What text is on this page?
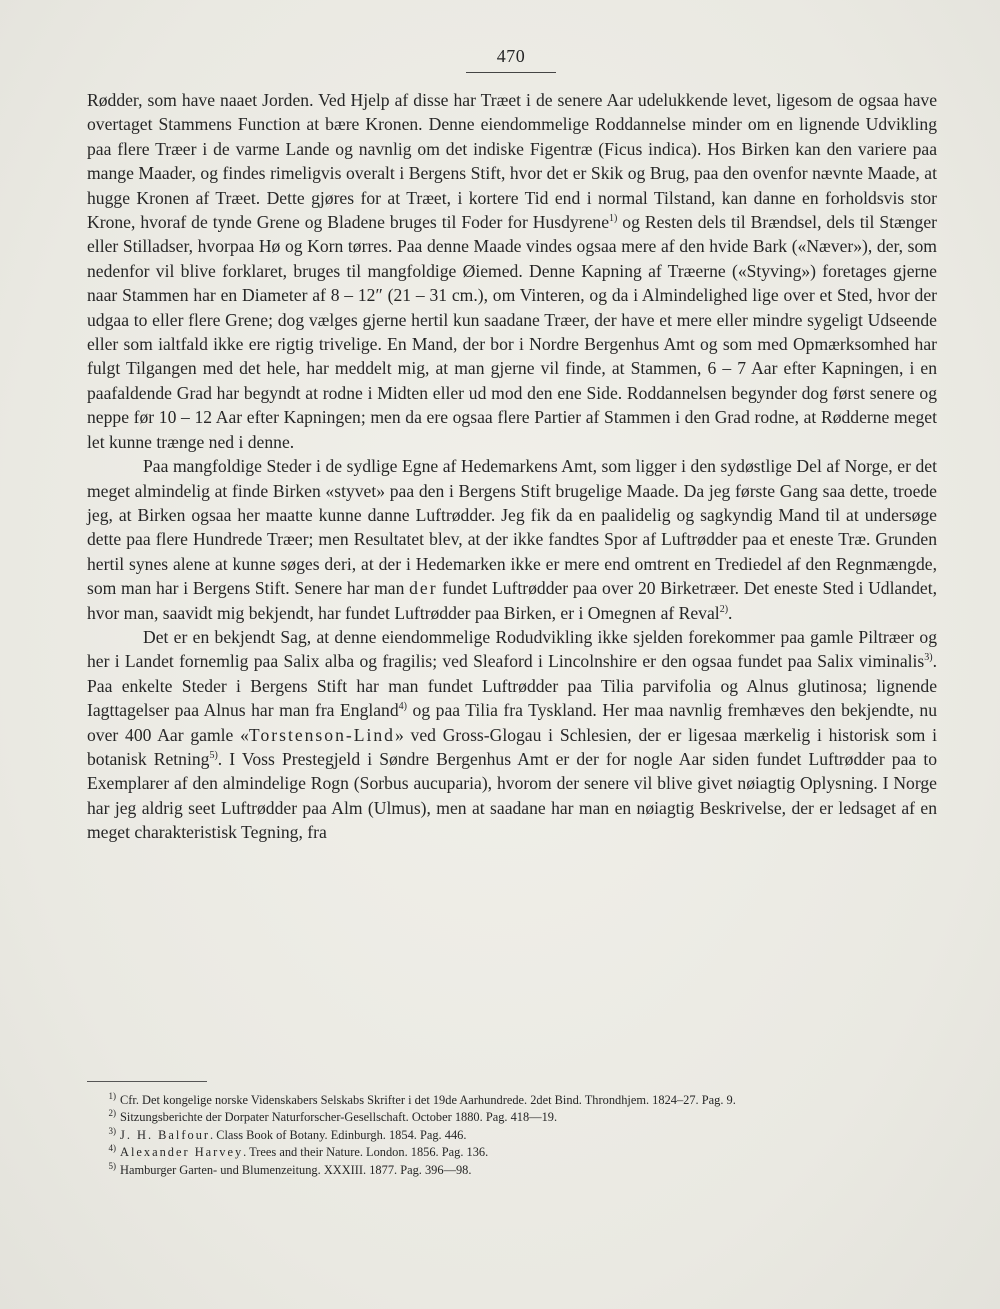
470

Rødder, som have naaet Jorden. Ved Hjelp af disse har Træet i de senere Aar udelukkende levet, ligesom de ogsaa have overtaget Stammens Function at bære Kronen. Denne eiendommelige Roddannelse minder om en lignende Udvikling paa flere Træer i de varme Lande og navnlig om det indiske Figentræ (Ficus indica). Hos Birken kan den variere paa mange Maader, og findes rimeligvis overalt i Bergens Stift, hvor det er Skik og Brug, paa den ovenfor nævnte Maade, at hugge Kronen af Træet. Dette gjøres for at Træet, i kortere Tid end i normal Tilstand, kan danne en forholdsvis stor Krone, hvoraf de tynde Grene og Bladene bruges til Foder for Husdyrene$^{1)}$ og Resten dels til Brændsel, dels til Stænger eller Stilladser, hvorpaa Hø og Korn tørres. Paa denne Maade vindes ogsaa mere af den hvide Bark («Næver»), der, som nedenfor vil blive forklaret, bruges til mangfoldige Øiemed. Denne Kapning af Træerne («Styving») foretages gjerne naar Stammen har en Diameter af 8 – 12″ (21 – 31 cm.), om Vinteren, og da i Almindelighed lige over et Sted, hvor der udgaa to eller flere Grene; dog vælges gjerne hertil kun saadane Træer, der have et mere eller mindre sygeligt Udseende eller som ialtfald ikke ere rigtig trivelige. En Mand, der bor i Nordre Bergenhus Amt og som med Opmærksomhed har fulgt Tilgangen med det hele, har meddelt mig, at man gjerne vil finde, at Stammen, 6 – 7 Aar efter Kapningen, i en paafaldende Grad har begyndt at rodne i Midten eller ud mod den ene Side. Roddannelsen begynder dog først senere og neppe før 10 – 12 Aar efter Kapningen; men da ere ogsaa flere Partier af Stammen i den Grad rodne, at Rødderne meget let kunne trænge ned i denne.

Paa mangfoldige Steder i de sydlige Egne af Hedemarkens Amt, som ligger i den sydøstlige Del af Norge, er det meget almindelig at finde Birken «styvet» paa den i Bergens Stift brugelige Maade. Da jeg første Gang saa dette, troede jeg, at Birken ogsaa her maatte kunne danne Luftrødder. Jeg fik da en paalidelig og sagkyndig Mand til at undersøge dette paa flere Hundrede Træer; men Resultatet blev, at der ikke fandtes Spor af Luftrødder paa et eneste Træ. Grunden hertil synes alene at kunne søges deri, at der i Hedemarken ikke er mere end omtrent en Trediedel af den Regnmængde, som man har i Bergens Stift. Senere har man der fundet Luftrødder paa over 20 Birketræer. Det eneste Sted i Udlandet, hvor man, saavidt mig bekjendt, har fundet Luftrødder paa Birken, er i Omegnen af Reval$^{2)}$.

Det er en bekjendt Sag, at denne eiendommelige Rodudvikling ikke sjelden forekommer paa gamle Piltræer og her i Landet fornemlig paa Salix alba og fragilis; ved Sleaford i Lincolnshire er den ogsaa fundet paa Salix viminalis$^{3)}$. Paa enkelte Steder i Bergens Stift har man fundet Luftrødder paa Tilia parvifolia og Alnus glutinosa; lignende Iagttagelser paa Alnus har man fra England$^{4)}$ og paa Tilia fra Tyskland. Her maa navnlig fremhæves den bekjendte, nu over 400 Aar gamle «Torstenson-Lind» ved Gross-Glogau i Schlesien, der er ligesaa mærkelig i historisk som i botanisk Retning$^{5)}$. I Voss Prestegjeld i Søndre Bergenhus Amt er der for nogle Aar siden fundet Luftrødder paa to Exemplarer af den almindelige Rogn (Sorbus aucuparia), hvorom der senere vil blive givet nøiagtig Oplysning. I Norge har jeg aldrig seet Luftrødder paa Alm (Ulmus), men at saadane har man en nøiagtig Beskrivelse, der er ledsaget af en meget charakteristisk Tegning, fra

$^{1)}$ Cfr. Det kongelige norske Videnskabers Selskabs Skrifter i det 19de Aarhundrede. 2det Bind. Throndhjem. 1824–27. Pag. 9.
$^{2)}$ Sitzungsberichte der Dorpater Naturforscher-Gesellschaft. October 1880. Pag. 418—19.
$^{3)}$ J. H. Balfour. Class Book of Botany. Edinburgh. 1854. Pag. 446.
$^{4)}$ Alexander Harvey. Trees and their Nature. London. 1856. Pag. 136.
$^{5)}$ Hamburger Garten- und Blumenzeitung. XXXIII. 1877. Pag. 396—98.
